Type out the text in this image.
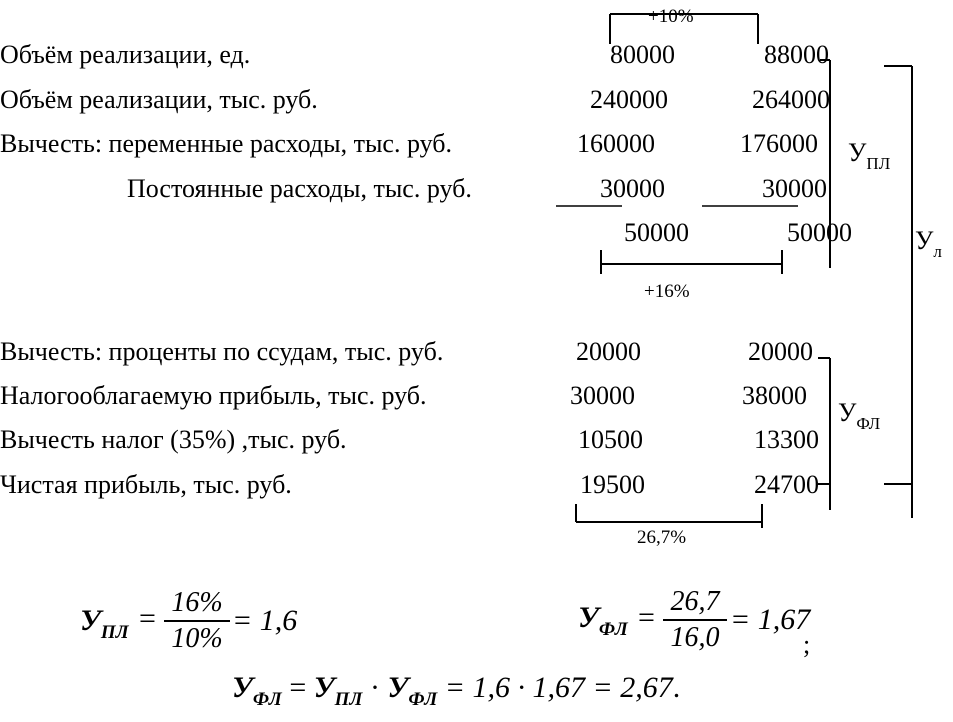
+10%
+16%
26,7%
Объём реализации, ед.
Объём реализации, тыс. руб.
Вычесть: переменные расходы, тыс. руб.
Постоянные расходы, тыс. руб.
Вычесть: проценты по ссудам, тыс. руб.
Налогооблагаемую прибыль, тыс. руб.
Вычесть налог (35%) ,тыс. руб.
Чистая прибыль, тыс. руб.
80000
240000
160000
30000
50000
20000
30000
10500
19500
88000
264000
176000
30000
50000
20000
38000
13300
24700
$У_{ПЛ}$
$У_{ФЛ}$
$У_л$
$У_{ПЛ} = \frac{16\%}{10\%} = 1,6$	$У_{ФЛ} = \frac{26,7}{16,0} = 1,67$
;
$У_{ФЛ} = У_{ПЛ} \cdot У_{ФЛ} = 1,6 \cdot 1,67 = 2,67$.
